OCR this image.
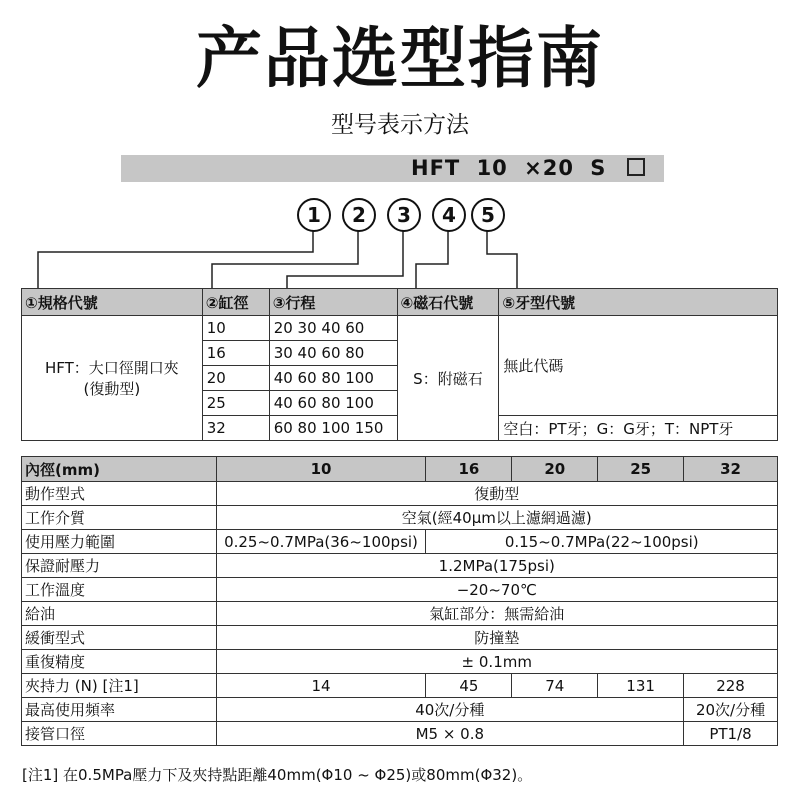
产品选型指南
型号表示方法
HFT 10 ×20 S
1	2	3	4	5
①規格代號	②缸徑	③行程	④磁石代號	⑤牙型代號

HFT：大口徑開口夾
(復動型)	10	20 30 40 60	S：附磁石	無此代碼
	16	30 40 60 80		
	20	40 60 80 100		
	25	40 60 80 100		
	32	60 80 100 150		空白：PT牙；G：G牙；T：NPT牙
內徑(mm)	10	16	20	25	32
動作型式	復動型				
工作介質	空氣(經40μm以上濾網過濾)				
使用壓力範圍	0.25~0.7MPa(36~100psi)	0.15~0.7MPa(22~100psi)			
保證耐壓力	1.2MPa(175psi)				
工作溫度	−20~70℃				
給油	氣缸部分：無需給油				
緩衝型式	防撞墊				
重復精度	± 0.1mm				
夾持力 (N) [注1]	14	45	74	131	228
最高使用頻率	40次/分種				20次/分種
接管口徑	M5 × 0.8				PT1/8
[注1] 在0.5MPa壓力下及夾持點距離40mm(Φ10 ~ Φ25)或80mm(Φ32)。
